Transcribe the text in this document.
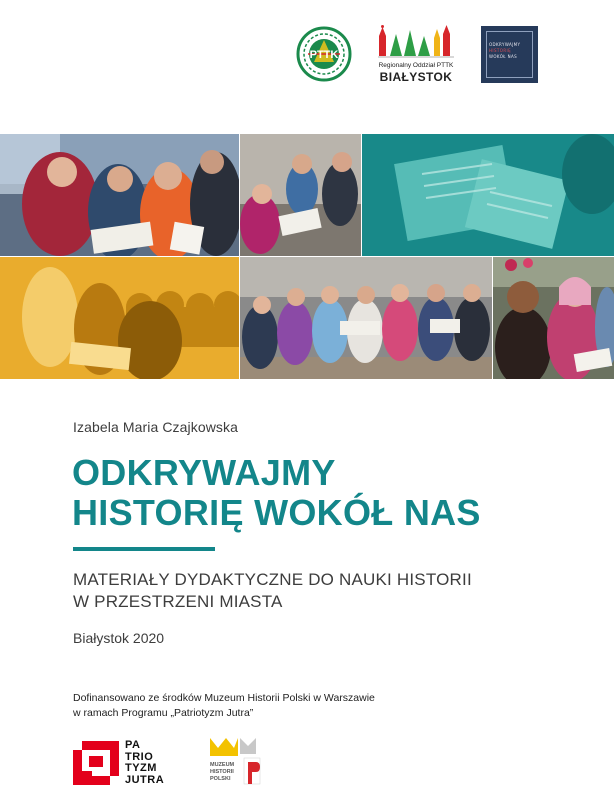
PTTK
Regionalny Oddział PTTK
BIAŁYSTOK
ODKRYWAJMY
HISTORIĘ
WOKÓŁ NAS
Izabela Maria Czajkowska
ODKRYWAJMY
HISTORIĘ WOKÓŁ NAS
MATERIAŁY DYDAKTYCZNE DO NAUKI HISTORII
W PRZESTRZENI MIASTA
Białystok 2020
Dofinansowano ze środków Muzeum Historii Polski w Warszawie
w ramach Programu „Patriotyzm Jutra”
PA
TRIO
TYZM
JUTRA
MUZEUM
HISTORII
POLSKI
